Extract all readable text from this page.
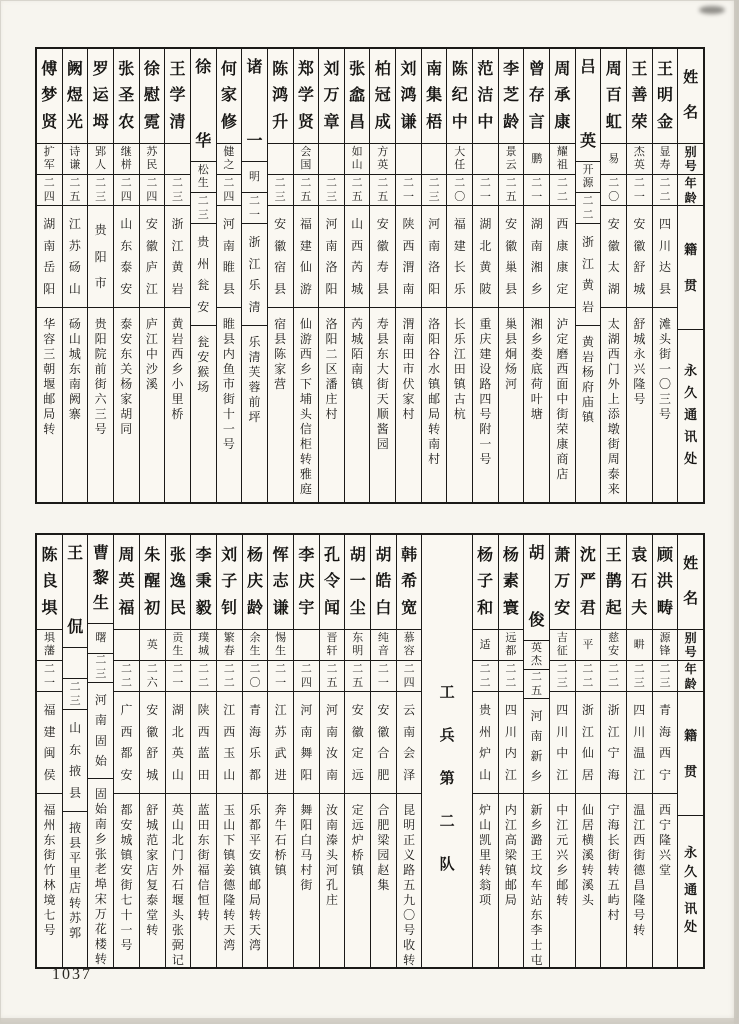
姓
名
别
号
年
龄
籍
贯
永
久
通
讯
处
王
明
金
显
寿
二
二
四
川
达
县
滩
头
街
一
〇
三
号
王
善
荣
杰
英
二
一
安
徽
舒
城
舒
城
永
兴
隆
号
周
百
虹
易
二
〇
安
徽
太
湖
太
湖
西
门
外
上
添
墩
街
周
泰
来
吕
英
开
源
二
二
浙
江
黄
岩
黄
岩
杨
府
庙
镇
周
承
康
耀
祖
二
二
西
康
康
定
泸
定
磨
西
面
中
街
荣
康
商
店
曾
存
言
鹏
二
一
湖
南
湘
乡
湘
乡
娄
底
荷
叶
塘
李
芝
龄
景
云
二
五
安
徽
巢
县
巢
县
炯
炀
河
范
洁
中
二
一
湖
北
黄
陂
重
庆
建
设
路
四
号
附
一
号
陈
纪
中
大
任
二
〇
福
建
长
乐
长
乐
江
田
镇
古
杭
南
集
梧
二
三
河
南
洛
阳
洛
阳
谷
水
镇
邮
局
转
南
村
刘
鸿
谦
二
一
陕
西
渭
南
渭
南
田
市
伏
家
村
柏
冠
成
方
英
二
五
安
徽
寿
县
寿
县
东
大
街
天
顺
酱
园
张
嵞
昌
如
山
二
五
山
西
芮
城
芮
城
陌
南
镇
刘
万
章
二
三
河
南
洛
阳
洛
阳
二
区
潘
庄
村
郑
学
贤
会
国
二
五
福
建
仙
游
仙
游
西
乡
下
埔
头
信
柜
转
雅
庭
陈
鸿
升
二
三
安
徽
宿
县
宿
县
陈
家
营
诸
一
明
二
一
浙
江
乐
清
乐
清
芙
蓉
前
坪
何
家
修
健
之
二
四
河
南
睢
县
睢
县
内
鱼
市
街
十
一
号
徐
华
松
生
二
三
贵
州
瓮
安
瓮
安
猴
场
王
学
清
二
三
浙
江
黄
岩
黄
岩
西
乡
小
里
桥
徐
慰
霓
苏
民
二
四
安
徽
庐
江
庐
江
中
沙
溪
张
圣
农
继
栟
二
四
山
东
泰
安
泰
安
东
关
杨
家
胡
同
罗
运
坶
郢
人
二
三
贵
阳
市
贵
阳
院
前
街
六
三
号
阙
煜
光
诗
谦
二
五
江
苏
砀
山
砀
山
城
东
南
阙
寨
傅
梦
贤
扩
军
二
四
湖
南
岳
阳
华
容
三
朝
堰
邮
局
转
姓
名
别
号
年
龄
籍
贯
永
久
通
讯
处
顾
洪
畴
源
锋
二
三
青
海
西
宁
西
宁
隆
兴
堂
袁
石
夫
畊
二
三
四
川
温
江
温
江
西
街
德
昌
隆
号
转
王
鹊
起
慈
安
二
二
浙
江
宁
海
宁
海
长
街
转
五
屿
村
沈
严
君
平
二
二
浙
江
仙
居
仙
居
横
溪
转
溪
头
萧
万
安
吉
征
二
三
四
川
中
江
中
江
元
兴
乡
邮
转
胡
俊
英
杰
二
五
河
南
新
乡
新
乡
潞
王
坟
车
站
东
李
士
屯
杨
素
寰
远
都
二
二
四
川
内
江
内
江
高
梁
镇
邮
局
杨
子
和
适
二
二
贵
州
炉
山
炉
山
凯
里
转
翁
项
工
兵
第
二
队
韩
希
宽
慕
容
二
四
云
南
会
泽
昆
明
正
义
路
五
九
〇
号
收
转
胡
皓
白
纯
音
二
一
安
徽
合
肥
合
肥
梁
园
赵
集
胡
一
尘
东
明
二
五
安
徽
定
远
定
远
炉
桥
镇
孔
令
闻
晋
轩
二
五
河
南
汝
南
汝
南
溱
头
河
孔
庄
李
庆
宇
二
四
河
南
舞
阳
舞
阳
白
马
村
街
恽
志
谦
惕
生
二
一
江
苏
武
进
奔
牛
石
桥
镇
杨
庆
龄
余
生
二
〇
青
海
乐
都
乐
都
平
安
镇
邮
局
转
天
湾
刘
子
钊
繁
春
二
二
江
西
玉
山
玉
山
下
镇
姜
德
隆
转
天
湾
李
秉
毅
璞
城
二
二
陕
西
蓝
田
蓝
田
东
街
福
信
恒
转
张
逸
民
贡
生
二
一
湖
北
英
山
英
山
北
门
外
石
堰
头
张
弼
记
朱
醒
初
英
二
六
安
徽
舒
城
舒
城
范
家
店
复
泰
堂
转
周
英
福
二
二
广
西
都
安
都
安
城
镇
安
街
七
十
一
号
曹
黎
生
曙
二
三
河
南
固
始
固
始
南
乡
张
老
埠
宋
万
花
楼
转
王
侃
二
三
山
东
掖
县
掖
县
平
里
店
转
苏
郭
陈
良
埧
埧
藩
二
一
福
建
闽
侯
福
州
东
街
竹
林
境
七
号
1037
